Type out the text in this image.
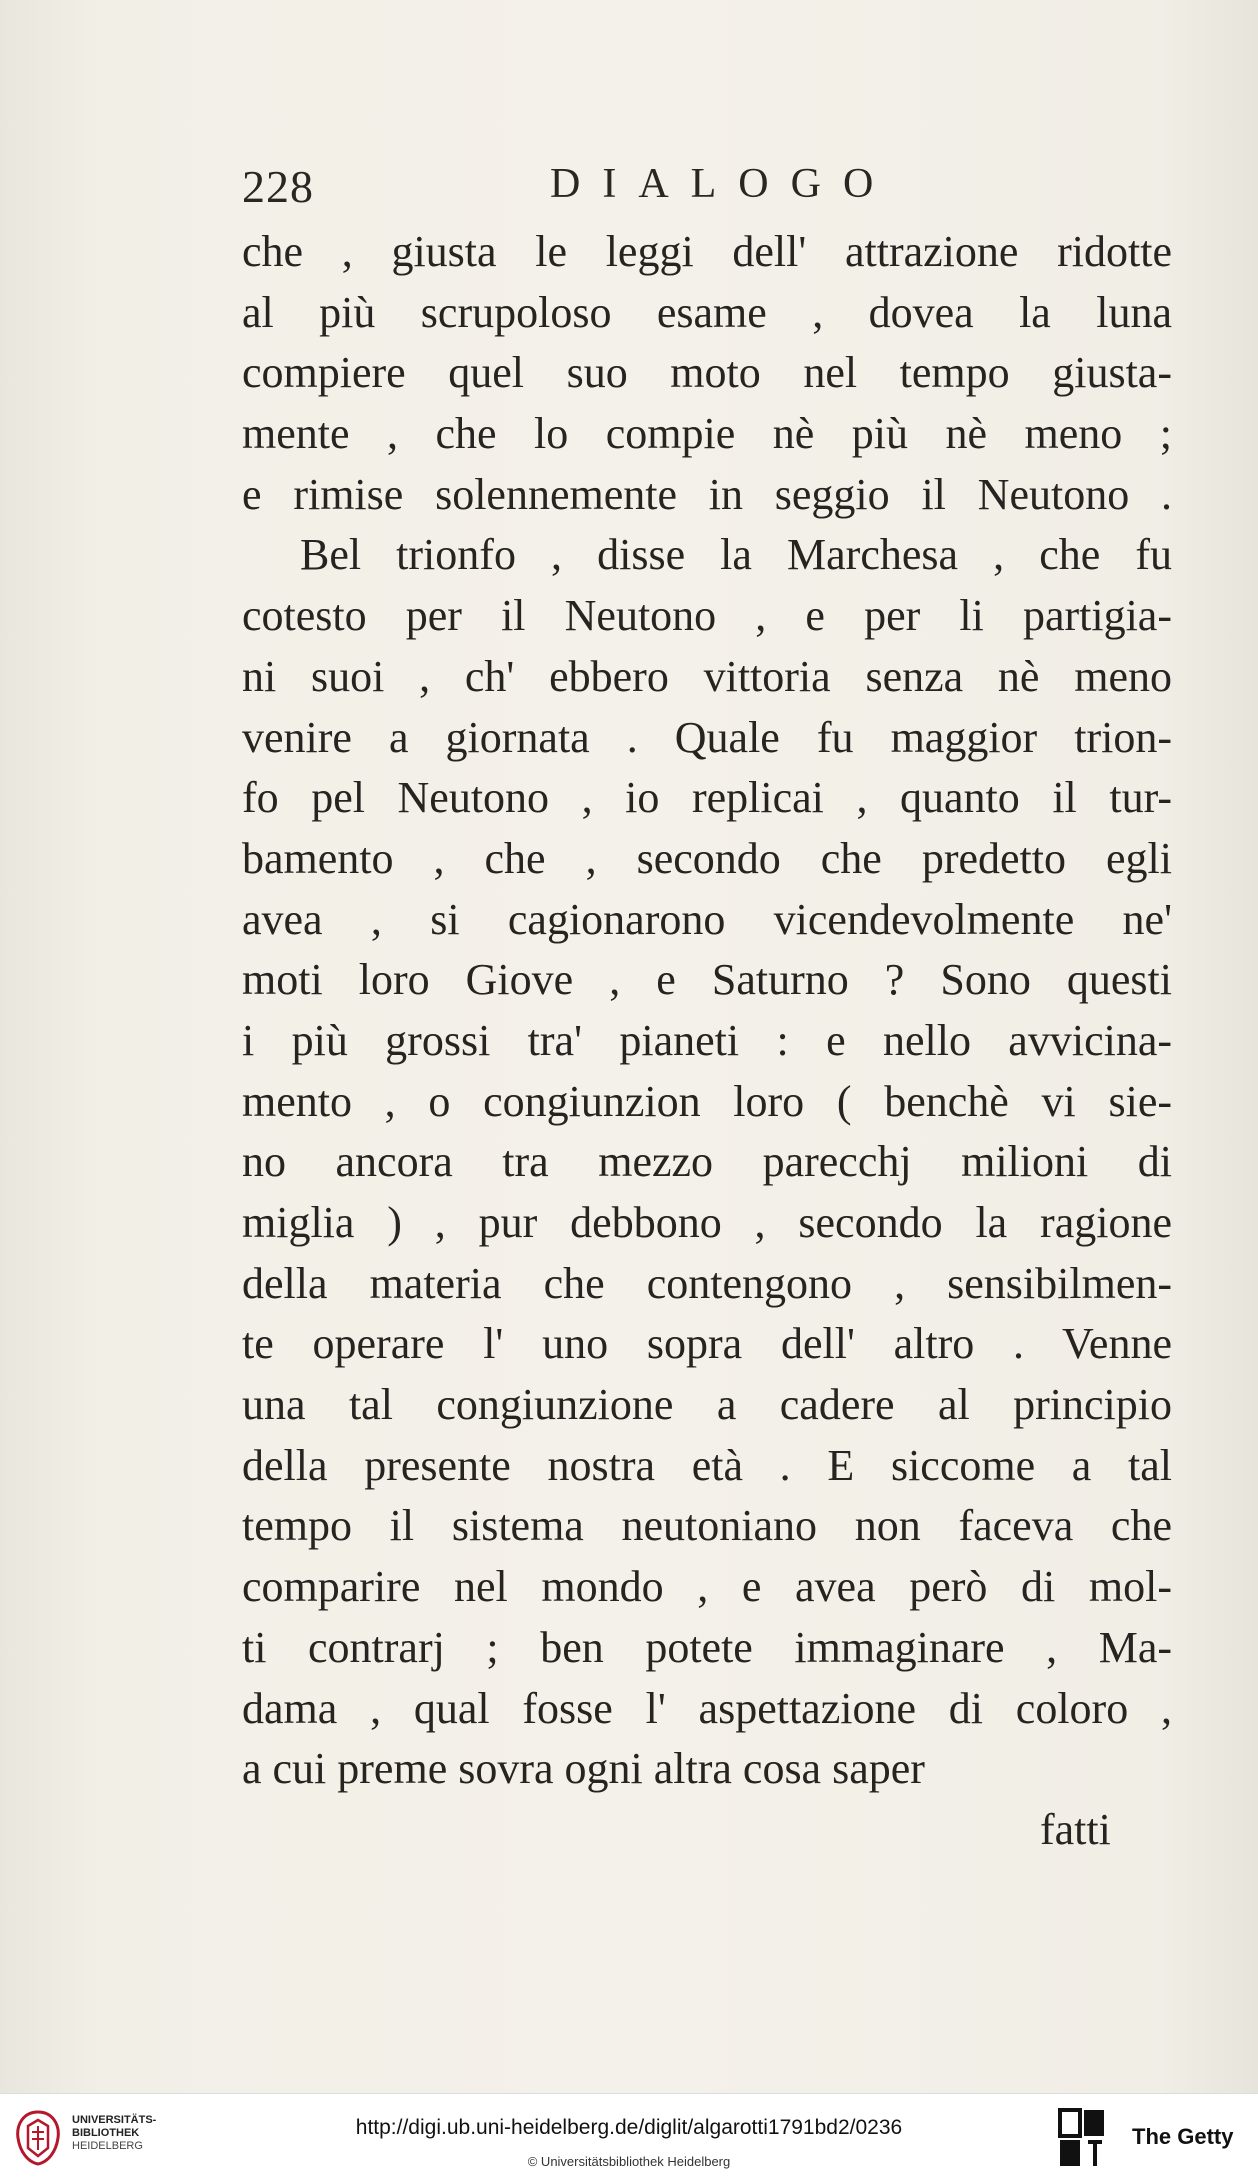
228	DIALOGO
che , giusta le leggi dell' attrazione ridotte
al più scrupoloso esame , dovea la luna
compiere quel suo moto nel tempo giusta-
mente , che lo compie nè più nè meno ;
e rimise solennemente in seggio il Neutono .
Bel trionfo , disse la Marchesa , che fu
cotesto per il Neutono , e per li partigia-
ni suoi , ch' ebbero vittoria senza nè meno
venire a giornata . Quale fu maggior trion-
fo pel Neutono , io replicai , quanto il tur-
bamento , che , secondo che predetto egli
avea , si cagionarono vicendevolmente ne'
moti loro Giove , e Saturno ? Sono questi
i più grossi tra' pianeti : e nello avvicina-
mento , o congiunzion loro ( benchè vi sie-
no ancora tra mezzo parecchj milioni di
miglia ) , pur debbono , secondo la ragione
della materia che contengono , sensibilmen-
te operare l' uno sopra dell' altro . Venne
una tal congiunzione a cadere al principio
della presente nostra età . E siccome a tal
tempo il sistema neutoniano non faceva che
comparire nel mondo , e avea però di mol-
ti contrarj ; ben potete immaginare , Ma-
dama , qual fosse l' aspettazione di coloro ,
a cui preme sovra ogni altra cosa saper
fatti
UNIVERSITÄTS-
BIBLIOTHEK
HEIDELBERG
http://digi.ub.uni-heidelberg.de/diglit/algarotti1791bd2/0236
© Universitätsbibliothek Heidelberg
The Getty
